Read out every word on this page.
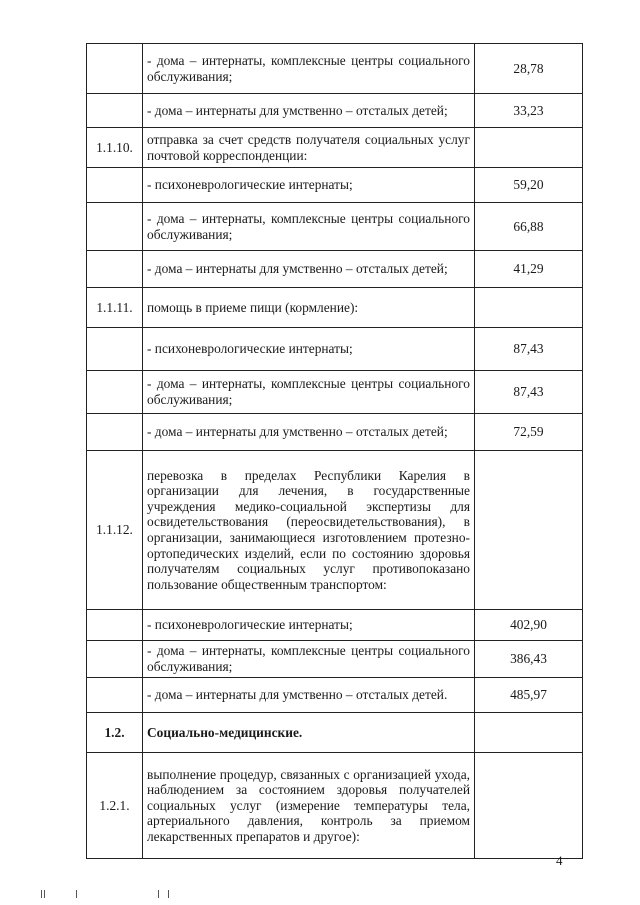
	- дома – интернаты, комплексные центры социального обслуживания;	28,78
	- дома – интернаты для умственно – отсталых детей;	33,23
1.1.10.	отправка за счет средств получателя социальных услуг почтовой корреспонденции:	
	- психоневрологические интернаты;	59,20
	- дома – интернаты, комплексные центры социального обслуживания;	66,88
	- дома – интернаты для умственно – отсталых детей;	41,29
1.1.11.	помощь в приеме пищи (кормление):	
	- психоневрологические интернаты;	87,43
	- дома – интернаты, комплексные центры социального обслуживания;	87,43
	- дома – интернаты для умственно – отсталых детей;	72,59
1.1.12.	перевозка в пределах Республики Карелия в организации для лечения, в государственные учреждения медико-социальной экспертизы для освидетельствования (переосвидетельствования), в организации, занимающиеся изготовлением протезно-ортопедических изделий, если по состоянию здоровья получателям социальных услуг противопоказано пользование общественным транспортом:	
	- психоневрологические интернаты;	402,90
	- дома – интернаты, комплексные центры социального обслуживания;	386,43
	- дома – интернаты для умственно – отсталых детей.	485,97
1.2.	Социально-медицинские.	
1.2.1.	выполнение процедур, связанных с организацией ухода, наблюдением за состоянием здоровья получателей социальных услуг (измерение температуры тела, артериального давления, контроль за приемом лекарственных препаратов и другое):	
4
